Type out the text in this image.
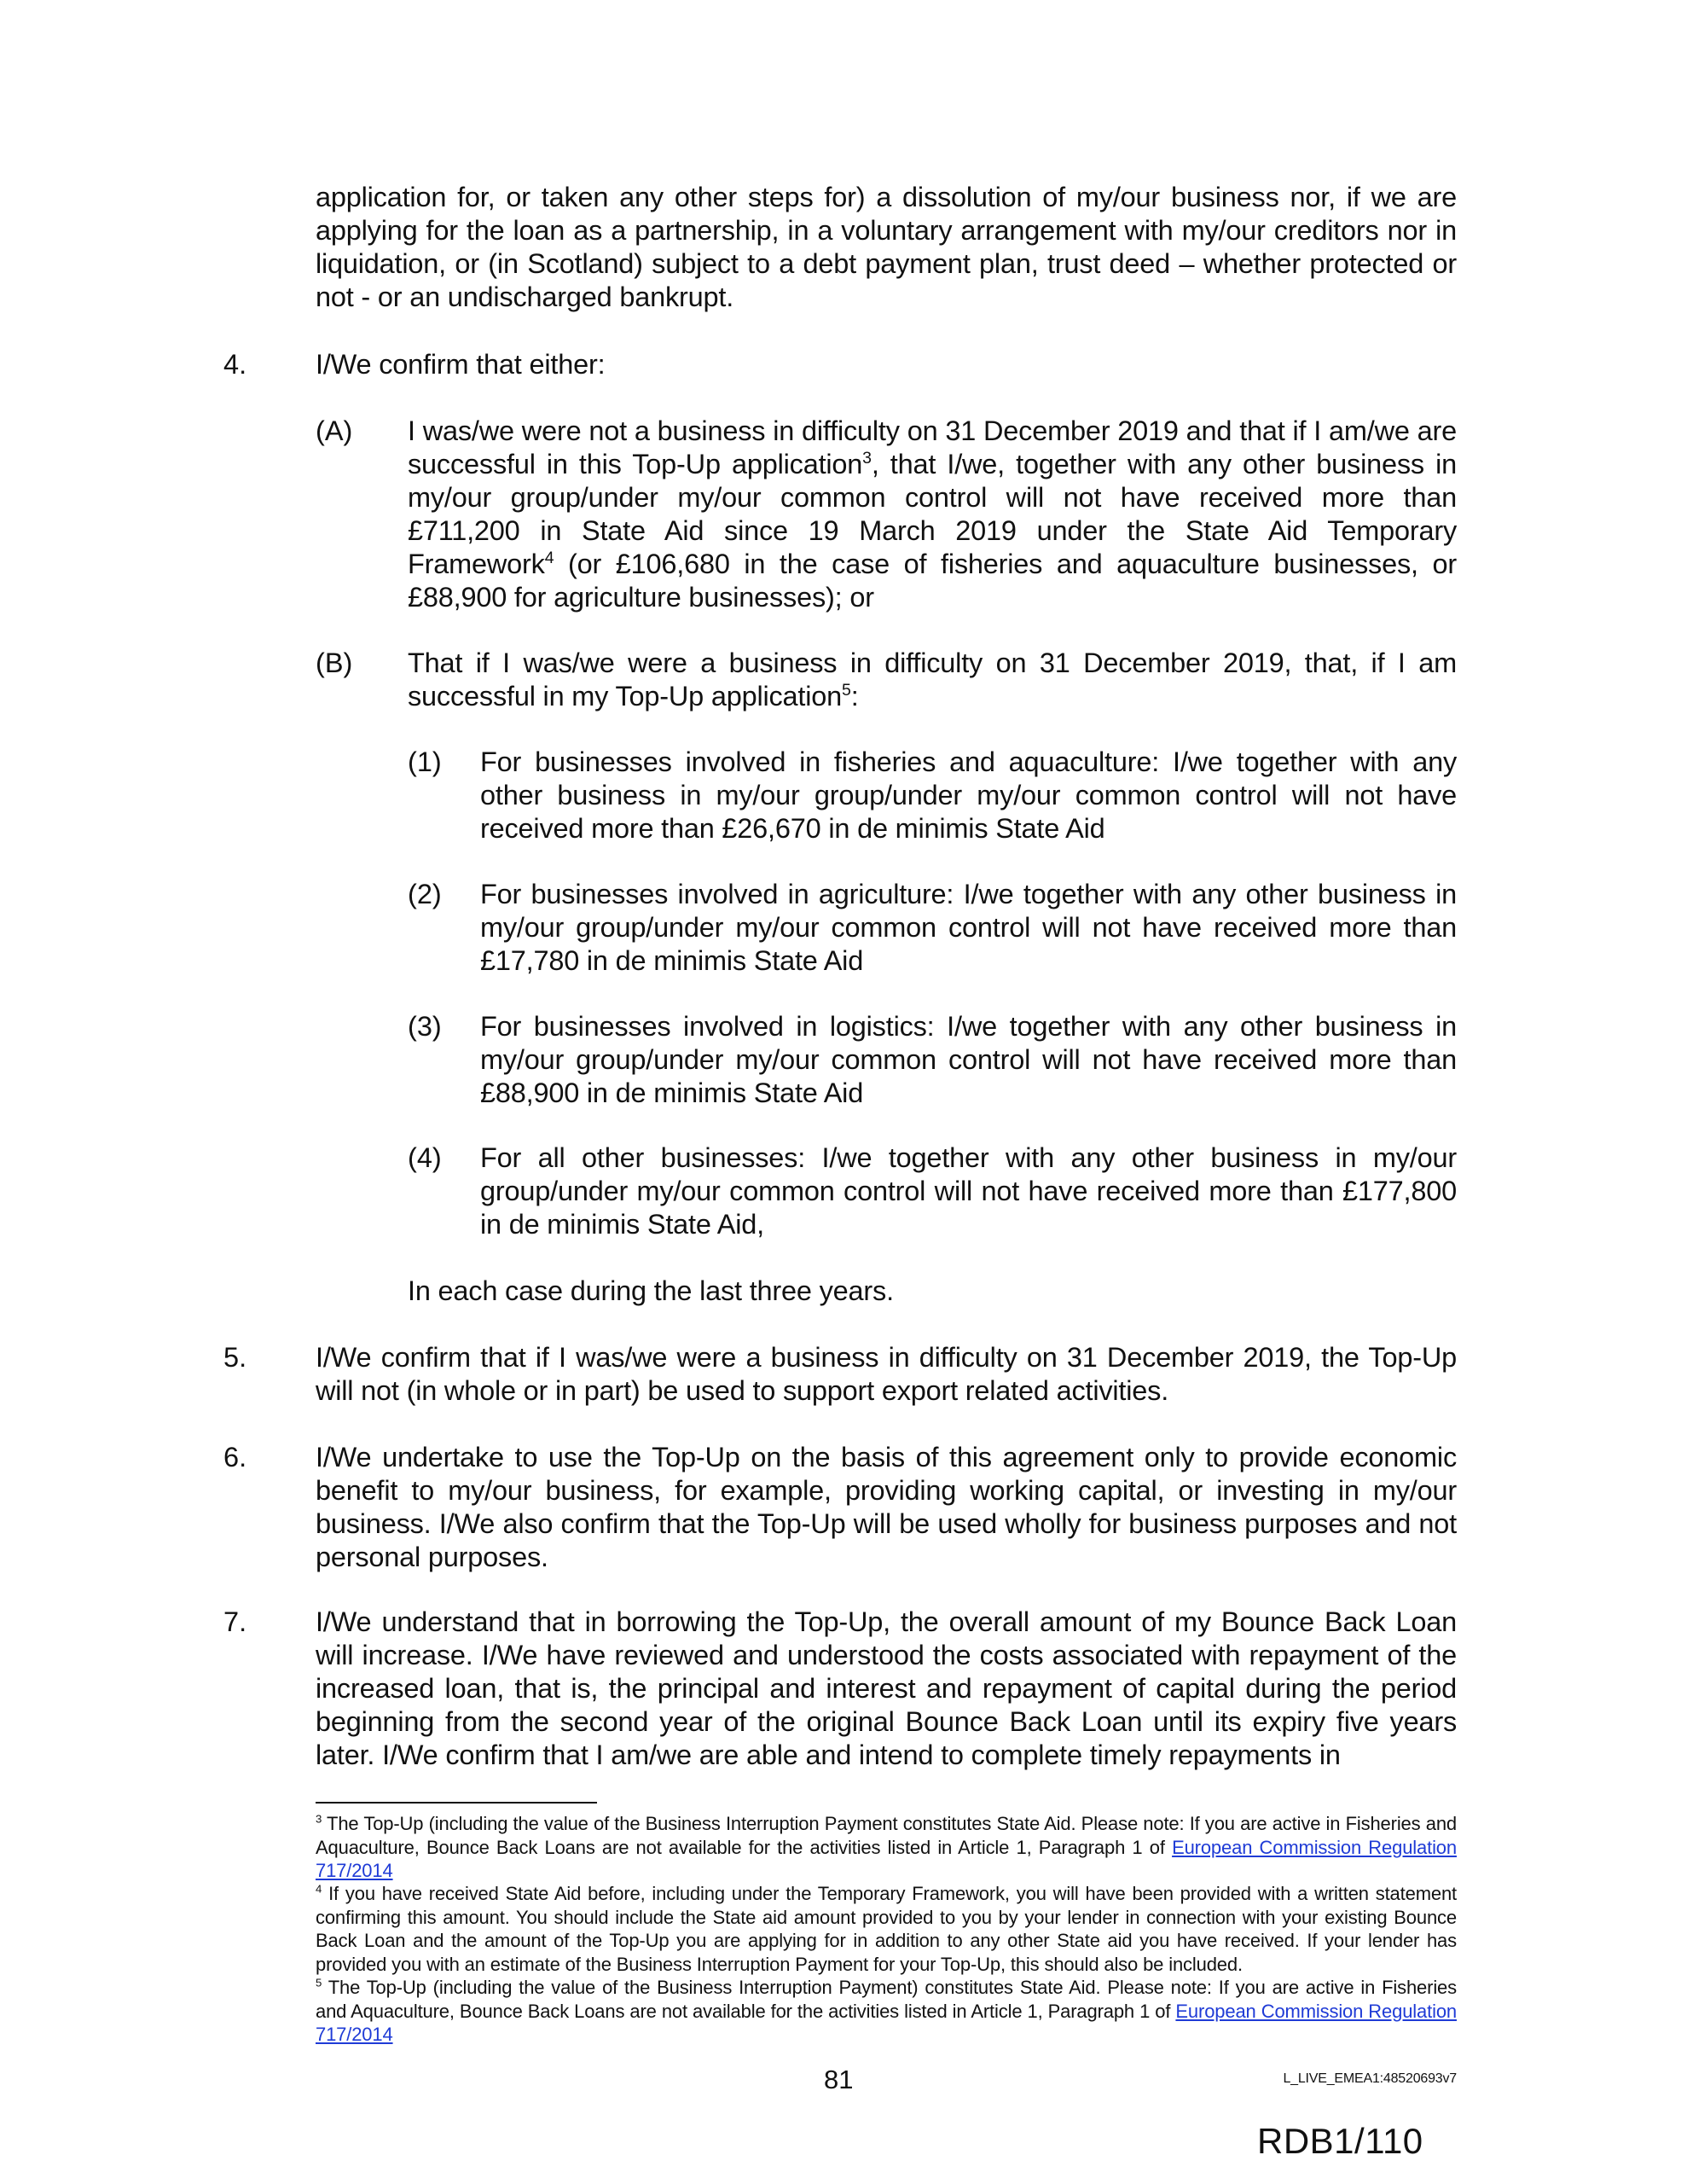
application for, or taken any other steps for) a dissolution of my/our business nor, if we are applying for the loan as a partnership, in a voluntary arrangement with my/our creditors nor in liquidation, or (in Scotland) subject to a debt payment plan, trust deed – whether protected or not - or an undischarged bankrupt.
4. I/We confirm that either:
(A) I was/we were not a business in difficulty on 31 December 2019 and that if I am/we are successful in this Top-Up application$^3$, that I/we, together with any other business in my/our group/under my/our common control will not have received more than £711,200 in State Aid since 19 March 2019 under the State Aid Temporary Framework$^4$ (or £106,680 in the case of fisheries and aquaculture businesses, or £88,900 for agriculture businesses); or
(B) That if I was/we were a business in difficulty on 31 December 2019, that, if I am successful in my Top-Up application$^5$:
(1) For businesses involved in fisheries and aquaculture: I/we together with any other business in my/our group/under my/our common control will not have received more than £26,670 in de minimis State Aid
(2) For businesses involved in agriculture: I/we together with any other business in my/our group/under my/our common control will not have received more than £17,780 in de minimis State Aid
(3) For businesses involved in logistics: I/we together with any other business in my/our group/under my/our common control will not have received more than £88,900 in de minimis State Aid
(4) For all other businesses: I/we together with any other business in my/our group/under my/our common control will not have received more than £177,800 in de minimis State Aid,
In each case during the last three years.
5. I/We confirm that if I was/we were a business in difficulty on 31 December 2019, the Top-Up will not (in whole or in part) be used to support export related activities.
6. I/We undertake to use the Top-Up on the basis of this agreement only to provide economic benefit to my/our business, for example, providing working capital, or investing in my/our business. I/We also confirm that the Top-Up will be used wholly for business purposes and not personal purposes.
7. I/We understand that in borrowing the Top-Up, the overall amount of my Bounce Back Loan will increase. I/We have reviewed and understood the costs associated with repayment of the increased loan, that is, the principal and interest and repayment of capital during the period beginning from the second year of the original Bounce Back Loan until its expiry five years later. I/We confirm that I am/we are able and intend to complete timely repayments in
$^3$ The Top-Up (including the value of the Business Interruption Payment constitutes State Aid. Please note: If you are active in Fisheries and Aquaculture, Bounce Back Loans are not available for the activities listed in Article 1, Paragraph 1 of European Commission Regulation 717/2014
$^4$ If you have received State Aid before, including under the Temporary Framework, you will have been provided with a written statement confirming this amount. You should include the State aid amount provided to you by your lender in connection with your existing Bounce Back Loan and the amount of the Top-Up you are applying for in addition to any other State aid you have received. If your lender has provided you with an estimate of the Business Interruption Payment for your Top-Up, this should also be included.
$^5$ The Top-Up (including the value of the Business Interruption Payment) constitutes State Aid. Please note: If you are active in Fisheries and Aquaculture, Bounce Back Loans are not available for the activities listed in Article 1, Paragraph 1 of European Commission Regulation 717/2014
81	L_LIVE_EMEA1:48520693v7
RDB1/110
